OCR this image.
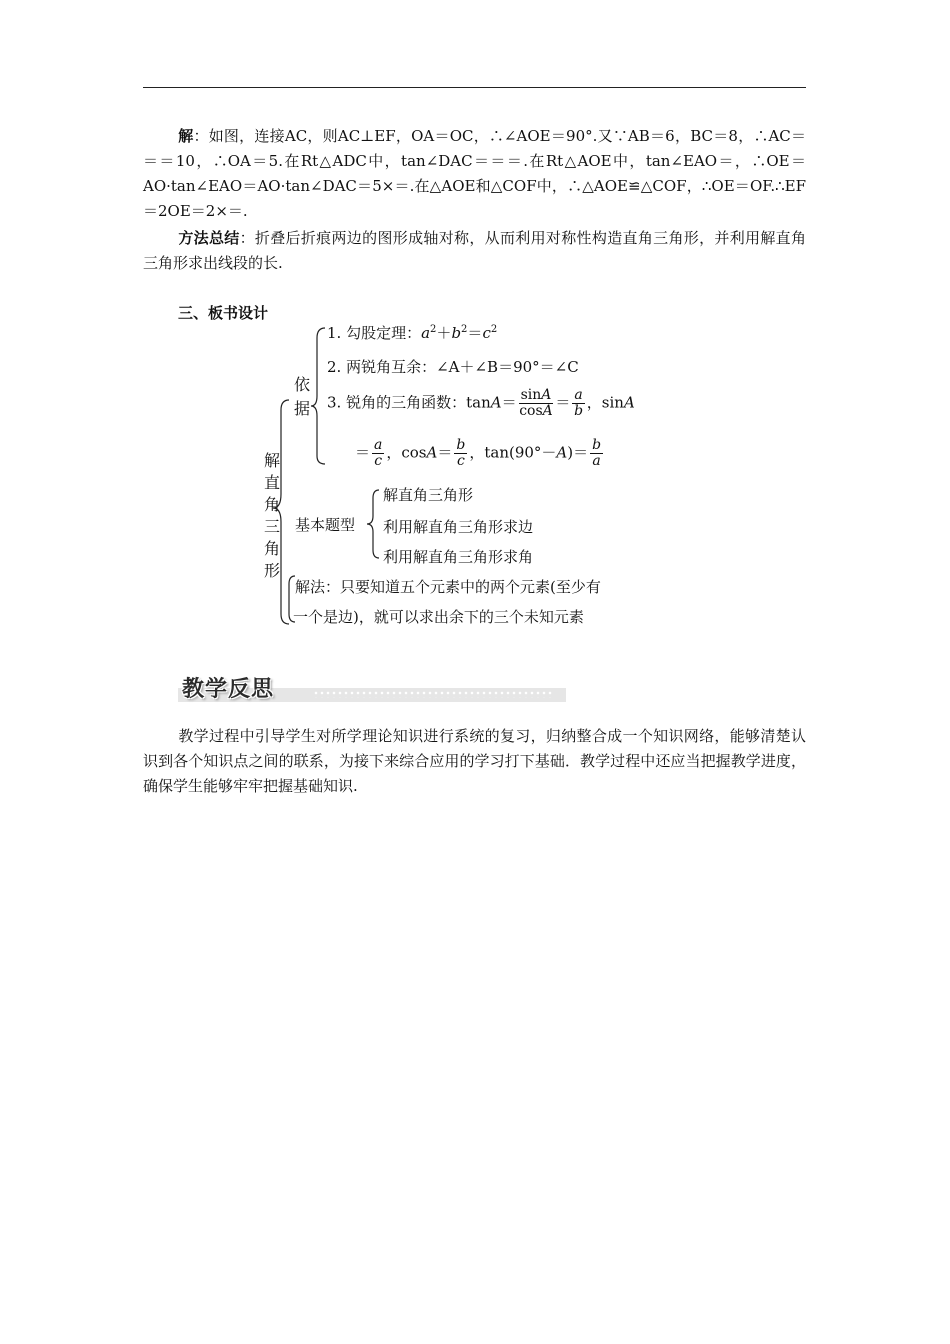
解：如图，连接AC，则AC⊥EF，OA＝OC，∴∠AOE＝90°.又∵AB＝6，BC＝8，∴AC＝＝＝10，∴OA＝5.在Rt△ADC中，tan∠DAC＝＝＝.在Rt△AOE中，tan∠EAO＝，∴OE＝AO·tan∠EAO＝AO·tan∠DAC＝5×＝.在△AOE和△COF中，∴△AOE≌△COF，∴OE＝OF.∴EF＝2OE＝2×＝.
方法总结：折叠后折痕两边的图形成轴对称，从而利用对称性构造直角三角形，并利用解直角三角形求出线段的长.
三、板书设计
解
直
角
三
角
形
依
据
1. 勾股定理：$a^2+b^2=c^2$
2. 两锐角互余：∠A＋∠B＝90°＝∠C
3. 锐角的三角函数：$\tan A= \frac{\sin A}{\cos A} = \frac{a}{b}$ ，sinA
＝ $\frac{a}{c}$ ，$\cos A= \frac{b}{c}$ ，$\tan(90^\circ-A)= \frac{b}{a}$
基本题型
解直角三角形
利用解直角三角形求边
利用解直角三角形求角
解法：只要知道五个元素中的两个元素(至少有
一个是边)，就可以求出余下的三个未知元素
教学反思
教学过程中引导学生对所学理论知识进行系统的复习，归纳整合成一个知识网络，能够清楚认识到各个知识点之间的联系，为接下来综合应用的学习打下基础．教学过程中还应当把握教学进度，确保学生能够牢牢把握基础知识.
